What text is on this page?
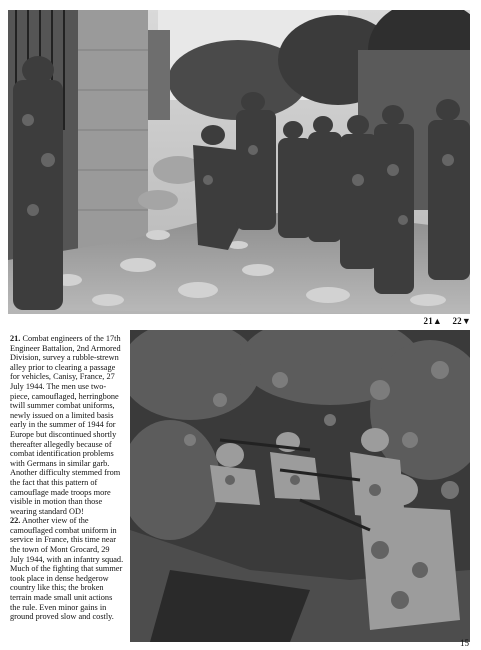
21▲ 22▼

21. Combat engineers of the 17th Engineer Battalion, 2nd Armored Division, survey a rubble-strewn alley prior to clearing a passage for vehicles, Canisy, France, 27 July 1944. The men use two-piece, camouflaged, herringbone twill summer combat uniforms, newly issued on a limited basis early in the summer of 1944 for Europe but discontinued shortly thereafter allegedly because of combat identification problems with Germans in similar garb. Another difficulty stemmed from the fact that this pattern of camouflage made troops more visible in motion than those wearing standard OD!

22. Another view of the camouflaged combat uniform in service in France, this time near the town of Mont Grocard, 29 July 1944, with an infantry squad. Much of the fighting that summer took place in dense hedgerow country like this; the broken terrain made small unit actions the rule. Even minor gains in ground proved slow and costly.

15
